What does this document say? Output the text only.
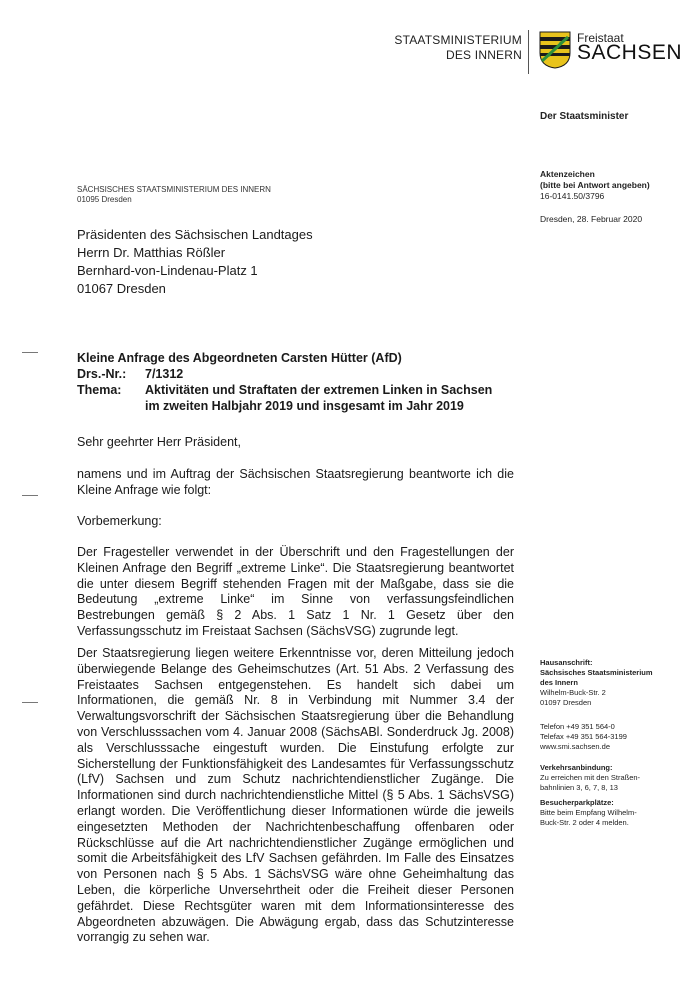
STAATSMINISTERIUM
DES INNERN
Freistaat
SACHSEN
Der Staatsminister
SÄCHSISCHES STAATSMINISTERIUM DES INNERN
01095 Dresden
Aktenzeichen
(bitte bei Antwort angeben)
16-0141.50/3796
Dresden, 28. Februar 2020
Präsidenten des Sächsischen Landtages
Herrn Dr. Matthias Rößler
Bernhard-von-Lindenau-Platz 1
01067 Dresden
Kleine Anfrage des Abgeordneten Carsten Hütter (AfD)
Drs.-Nr.:	7/1312
Thema:	Aktivitäten und Straftaten der extremen Linken in Sachsen
im zweiten Halbjahr 2019 und insgesamt im Jahr 2019

Sehr geehrter Herr Präsident,

namens und im Auftrag der Sächsischen Staatsregierung beantworte ich die Kleine Anfrage wie folgt:

Vorbemerkung:

Der Fragesteller verwendet in der Überschrift und den Fragestellungen der Kleinen Anfrage den Begriff „extreme Linke“. Die Staatsregierung beantwortet die unter diesem Begriff stehenden Fragen mit der Maßgabe, dass sie die Bedeutung „extreme Linke“ im Sinne von verfassungsfeindlichen Bestrebungen gemäß § 2 Abs. 1 Satz 1 Nr. 1 Gesetz über den Verfassungsschutz im Freistaat Sachsen (SächsVSG) zugrunde legt.

Der Staatsregierung liegen weitere Erkenntnisse vor, deren Mitteilung jedoch überwiegende Belange des Geheimschutzes (Art. 51 Abs. 2 Verfassung des Freistaates Sachsen entgegenstehen. Es handelt sich dabei um Informationen, die gemäß Nr. 8 in Verbindung mit Nummer 3.4 der Verwaltungsvorschrift der Sächsischen Staatsregierung über die Behandlung von Verschlusssachen vom 4. Januar 2008 (SächsABl. Sonderdruck Jg. 2008) als Verschlusssache eingestuft wurden. Die Einstufung erfolgte zur Sicherstellung der Funktionsfähigkeit des Landesamtes für Verfassungsschutz (LfV) Sachsen und zum Schutz nachrichtendienstlicher Zugänge. Die Informationen sind durch nachrichtendienstliche Mittel (§ 5 Abs. 1 SächsVSG) erlangt worden. Die Veröffentlichung dieser Informationen würde die jeweils eingesetzten Methoden der Nachrichtenbeschaffung offenbaren oder Rückschlüsse auf die Art nachrichtendienstlicher Zugänge ermöglichen und somit die Arbeitsfähigkeit des LfV Sachsen gefährden. Im Falle des Einsatzes von Personen nach § 5 Abs. 1 SächsVSG wäre ohne Geheimhaltung das Leben, die körperliche Unversehrtheit oder die Freiheit dieser Personen gefährdet. Diese Rechtsgüter waren mit dem Informationsinteresse des Abgeordneten abzuwägen. Die Abwägung ergab, dass das Schutzinteresse vorrangig zu sehen war.

Hausanschrift:
Sächsisches Staatsministerium
des Innern
Wilhelm-Buck-Str. 2
01097 Dresden
Telefon +49 351 564-0
Telefax +49 351 564-3199
www.smi.sachsen.de
Verkehrsanbindung:
Zu erreichen mit den Straßen-
bahnlinien 3, 6, 7, 8, 13
Besucherparkplätze:
Bitte beim Empfang Wilhelm-
Buck-Str. 2 oder 4 melden.
